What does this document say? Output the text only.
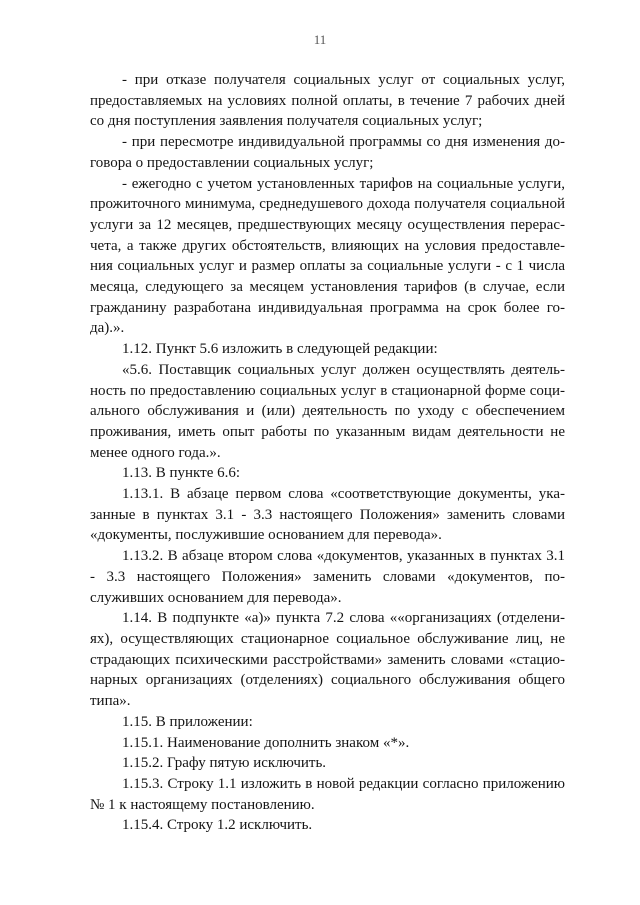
11

- при отказе получателя социальных услуг от социальных услуг, предоставляемых на условиях полной оплаты, в течение 7 рабочих дней со дня поступления заявления получателя социальных услуг;

- при пересмотре индивидуальной программы со дня изменения договора о предоставлении социальных услуг;

- ежегодно с учетом установленных тарифов на социальные услуги, прожиточного минимума, среднедушевого дохода получателя социальной услуги за 12 месяцев, предшествующих месяцу осуществления перерасчета, а также других обстоятельств, влияющих на условия предоставления социальных услуг и размер оплаты за социальные услуги - с 1 числа месяца, следующего за месяцем установления тарифов (в случае, если гражданину разработана индивидуальная программа на срок более года).».

1.12. Пункт 5.6 изложить в следующей редакции:

«5.6. Поставщик социальных услуг должен осуществлять деятельность по предоставлению социальных услуг в стационарной форме социального обслуживания и (или) деятельность по уходу с обеспечением проживания, иметь опыт работы по указанным видам деятельности не менее одного года.».

1.13. В пункте 6.6:

1.13.1. В абзаце первом слова «соответствующие документы, указанные в пунктах 3.1 - 3.3 настоящего Положения» заменить словами «документы, послужившие основанием для перевода».

1.13.2. В абзаце втором слова «документов, указанных в пунктах 3.1 - 3.3 настоящего Положения» заменить словами «документов, послуживших основанием для перевода».

1.14. В подпункте «а)» пункта 7.2 слова ««организациях (отделениях), осуществляющих стационарное социальное обслуживание лиц, не страдающих психическими расстройствами» заменить словами «стационарных организациях (отделениях) социального обслуживания общего типа».

1.15. В приложении:

1.15.1. Наименование дополнить знаком «*».

1.15.2. Графу пятую исключить.

1.15.3. Строку 1.1 изложить в новой редакции согласно приложению № 1 к настоящему постановлению.

1.15.4. Строку 1.2 исключить.
